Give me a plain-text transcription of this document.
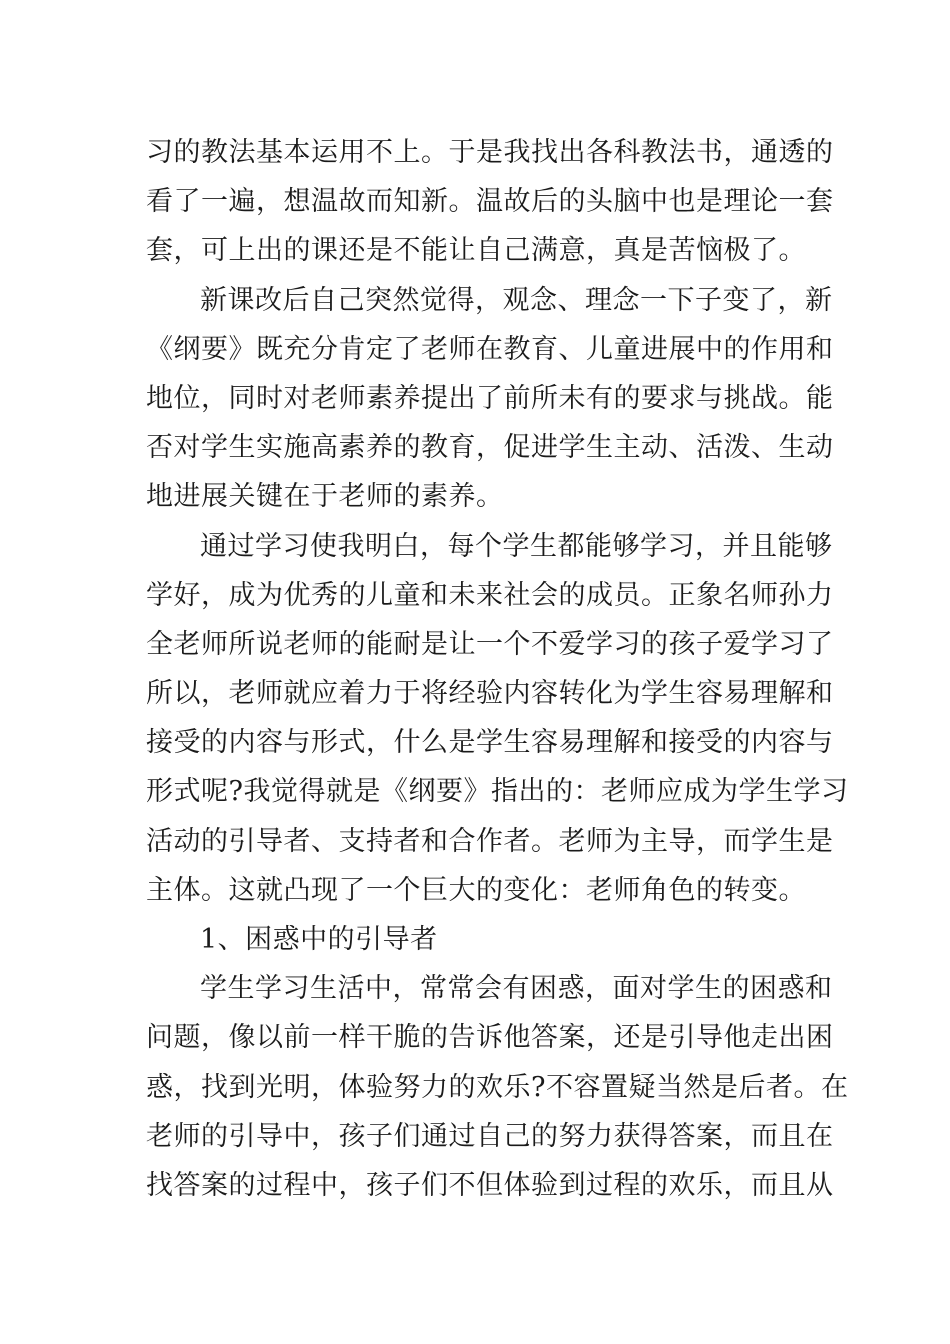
习的教法基本运用不上。于是我找出各科教法书，通透的
看了一遍，想温故而知新。温故后的头脑中也是理论一套
套，可上出的课还是不能让自己满意，真是苦恼极了。
新课改后自己突然觉得，观念、理念一下子变了，新
《纲要》既充分肯定了老师在教育、儿童进展中的作用和
地位，同时对老师素养提出了前所未有的要求与挑战。能
否对学生实施高素养的教育，促进学生主动、活泼、生动
地进展关键在于老师的素养。
通过学习使我明白，每个学生都能够学习，并且能够
学好，成为优秀的儿童和未来社会的成员。正象名师孙力
全老师所说老师的能耐是让一个不爱学习的孩子爱学习了
所以，老师就应着力于将经验内容转化为学生容易理解和
接受的内容与形式，什么是学生容易理解和接受的内容与
形式呢?我觉得就是《纲要》指出的：老师应成为学生学习
活动的引导者、支持者和合作者。老师为主导，而学生是
主体。这就凸现了一个巨大的变化：老师角色的转变。
1、困惑中的引导者
学生学习生活中，常常会有困惑，面对学生的困惑和
问题，像以前一样干脆的告诉他答案，还是引导他走出困
惑，找到光明，体验努力的欢乐?不容置疑当然是后者。在
老师的引导中，孩子们通过自己的努力获得答案，而且在
找答案的过程中，孩子们不但体验到过程的欢乐，而且从
